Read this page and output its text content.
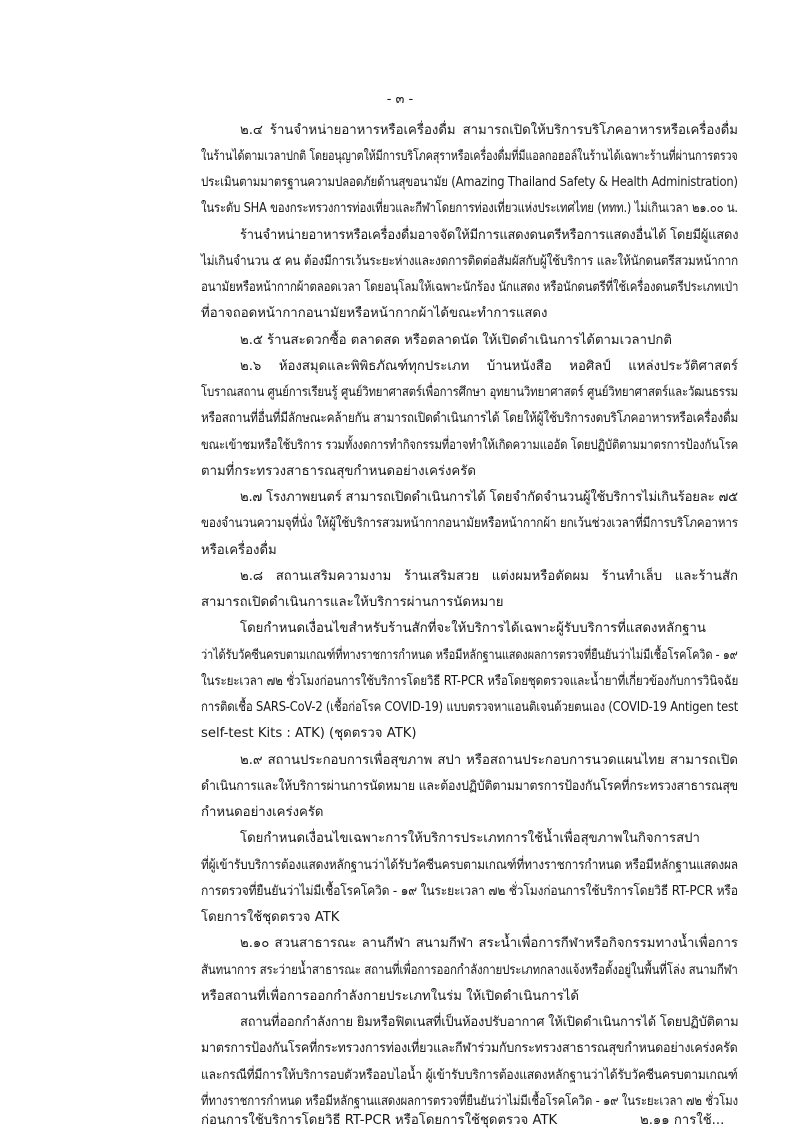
- ๓ -
๒.๔ ร้านจำหน่ายอาหารหรือเครื่องดื่ม สามารถเปิดให้บริการบริโภคอาหารหรือเครื่องดื่ม
ในร้านได้ตามเวลาปกติ โดยอนุญาตให้มีการบริโภคสุราหรือเครื่องดื่มที่มีแอลกอฮอล์ในร้านได้เฉพาะร้านที่ผ่านการตรวจ
ประเมินตามมาตรฐานความปลอดภัยด้านสุขอนามัย (Amazing Thailand Safety & Health Administration)
ในระดับ SHA ของกระทรวงการท่องเที่ยวและกีฬาโดยการท่องเที่ยวแห่งประเทศไทย (ททท.) ไม่เกินเวลา ๒๑.๐๐ น.
ร้านจำหน่ายอาหารหรือเครื่องดื่มอาจจัดให้มีการแสดงดนตรีหรือการแสดงอื่นได้ โดยมีผู้แสดง
ไม่เกินจำนวน ๕ คน ต้องมีการเว้นระยะห่างและงดการติดต่อสัมผัสกับผู้ใช้บริการ และให้นักดนตรีสวมหน้ากาก
อนามัยหรือหน้ากากผ้าตลอดเวลา โดยอนุโลมให้เฉพาะนักร้อง นักแสดง หรือนักดนตรีที่ใช้เครื่องดนตรีประเภทเป่า
ที่อาจถอดหน้ากากอนามัยหรือหน้ากากผ้าได้ขณะทำการแสดง
๒.๕ ร้านสะดวกซื้อ ตลาดสด หรือตลาดนัด ให้เปิดดำเนินการได้ตามเวลาปกติ
๒.๖ ห้องสมุดและพิพิธภัณฑ์ทุกประเภท บ้านหนังสือ หอศิลป์ แหล่งประวัติศาสตร์
โบราณสถาน ศูนย์การเรียนรู้ ศูนย์วิทยาศาสตร์เพื่อการศึกษา อุทยานวิทยาศาสตร์ ศูนย์วิทยาศาสตร์และวัฒนธรรม
หรือสถานที่อื่นที่มีลักษณะคล้ายกัน สามารถเปิดดำเนินการได้ โดยให้ผู้ใช้บริการงดบริโภคอาหารหรือเครื่องดื่ม
ขณะเข้าชมหรือใช้บริการ รวมทั้งงดการทำกิจกรรมที่อาจทำให้เกิดความแออัด โดยปฏิบัติตามมาตรการป้องกันโรค
ตามที่กระทรวงสาธารณสุขกำหนดอย่างเคร่งครัด
๒.๗ โรงภาพยนตร์ สามารถเปิดดำเนินการได้ โดยจำกัดจำนวนผู้ใช้บริการไม่เกินร้อยละ ๗๕
ของจำนวนความจุที่นั่ง ให้ผู้ใช้บริการสวมหน้ากากอนามัยหรือหน้ากากผ้า ยกเว้นช่วงเวลาที่มีการบริโภคอาหาร
หรือเครื่องดื่ม
๒.๘ สถานเสริมความงาม ร้านเสริมสวย แต่งผมหรือตัดผม ร้านทำเล็บ และร้านสัก
สามารถเปิดดำเนินการและให้บริการผ่านการนัดหมาย
โดยกำหนดเงื่อนไขสำหรับร้านสักที่จะให้บริการได้เฉพาะผู้รับบริการที่แสดงหลักฐาน
ว่าได้รับวัคซีนครบตามเกณฑ์ที่ทางราชการกำหนด หรือมีหลักฐานแสดงผลการตรวจที่ยืนยันว่าไม่มีเชื้อโรคโควิด - ๑๙
ในระยะเวลา ๗๒ ชั่วโมงก่อนการใช้บริการโดยวิธี RT-PCR หรือโดยชุดตรวจและน้ำยาที่เกี่ยวข้องกับการวินิจฉัย
การติดเชื้อ SARS-CoV-2 (เชื้อก่อโรค COVID-19) แบบตรวจหาแอนติเจนด้วยตนเอง (COVID-19 Antigen test
self-test Kits : ATK) (ชุดตรวจ ATK)
๒.๙ สถานประกอบการเพื่อสุขภาพ สปา หรือสถานประกอบการนวดแผนไทย สามารถเปิด
ดำเนินการและให้บริการผ่านการนัดหมาย และต้องปฏิบัติตามมาตรการป้องกันโรคที่กระทรวงสาธารณสุข
กำหนดอย่างเคร่งครัด
โดยกำหนดเงื่อนไขเฉพาะการให้บริการประเภทการใช้น้ำเพื่อสุขภาพในกิจการสปา
ที่ผู้เข้ารับบริการต้องแสดงหลักฐานว่าได้รับวัคซีนครบตามเกณฑ์ที่ทางราชการกำหนด หรือมีหลักฐานแสดงผล
การตรวจที่ยืนยันว่าไม่มีเชื้อโรคโควิด - ๑๙ ในระยะเวลา ๗๒ ชั่วโมงก่อนการใช้บริการโดยวิธี RT-PCR หรือ
โดยการใช้ชุดตรวจ ATK
๒.๑๐ สวนสาธารณะ ลานกีฬา สนามกีฬา สระน้ำเพื่อการกีฬาหรือกิจกรรมทางน้ำเพื่อการ
สันทนาการ สระว่ายน้ำสาธารณะ สถานที่เพื่อการออกกำลังกายประเภทกลางแจ้งหรือตั้งอยู่ในพื้นที่โล่ง สนามกีฬา
หรือสถานที่เพื่อการออกกำลังกายประเภทในร่ม ให้เปิดดำเนินการได้
สถานที่ออกกำลังกาย ยิมหรือฟิตเนสที่เป็นห้องปรับอากาศ ให้เปิดดำเนินการได้ โดยปฏิบัติตาม
มาตรการป้องกันโรคที่กระทรวงการท่องเที่ยวและกีฬาร่วมกับกระทรวงสาธารณสุขกำหนดอย่างเคร่งครัด
และกรณีที่มีการให้บริการอบตัวหรืออบไอน้ำ ผู้เข้ารับบริการต้องแสดงหลักฐานว่าได้รับวัคซีนครบตามเกณฑ์
ที่ทางราชการกำหนด หรือมีหลักฐานแสดงผลการตรวจที่ยืนยันว่าไม่มีเชื้อโรคโควิด - ๑๙ ในระยะเวลา ๗๒ ชั่วโมง
ก่อนการใช้บริการโดยวิธี RT-PCR หรือโดยการใช้ชุดตรวจ ATK	๒.๑๑ การใช้...
